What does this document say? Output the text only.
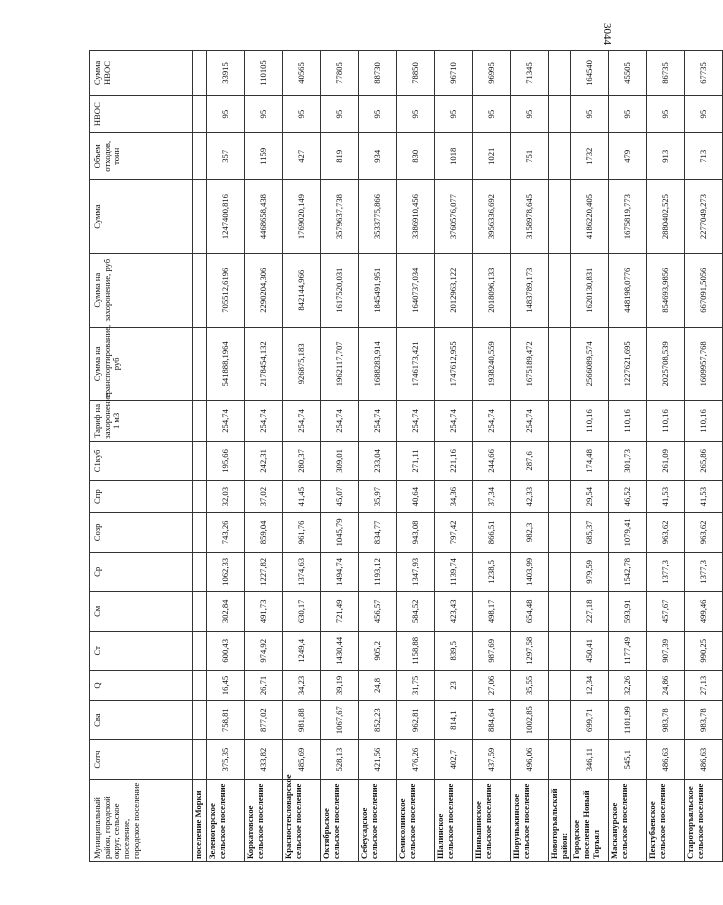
3044
Муниципальный район, городской округ, сельское поселение, городское поселение	Сотч	Сва	Q	Ст	См	Ср	Созр	Спр	С1куб	Тариф на захоронение 1 м3	Сумма на транспортирование, руб	Сумма на захоронение, руб	Сумма	Объем отходов, тонн	НВОС	Сумма НВОС
поселение Морки																
Зеленогорское сельское поселение	375,35	758,81	16,45	600,43	302,84	1062,33	743,26	32,03	195,66	254,74	541888,1964	705512,6196	1247400,816	357	95	33915
Коркатовское сельское поселение	433,82	877,02	26,71	974,92	491,73	1227,82	859,04	37,02	242,31	254,74	2178454,132	2290204,306	4468658,438	1159	95	110105
Красностекловарское сельское поселение	485,69	981,88	34,23	1249,4	630,17	1374,63	961,76	41,45	280,37	254,74	926875,183	842144,966	1769020,149	427	95	40565
Октябрьское сельское поселение	528,13	1067,67	39,19	1430,44	721,49	1494,74	1045,79	45,07	309,01	254,74	1962117,707	1617520,031	3579637,738	819	95	77805
Себеусадское сельское поселение	421,56	852,23	24,8	905,2	456,57	1193,12	834,77	35,97	233,04	254,74	1688283,914	1845491,951	3533775,866	934	95	88730
Семисолинское сельское поселение	476,26	962,81	31,75	1158,88	584,52	1347,93	943,08	40,64	271,11	254,74	1746173,421	1640737,034	3386910,456	830	95	78850
Шалинское сельское поселение	402,7	814,1	23	839,5	423,43	1139,74	797,42	34,36	221,16	254,74	1747612,955	2012963,122	3760576,077	1018	95	96710
Шиньшинское сельское поселение	437,59	884,64	27,06	987,69	498,17	1238,5	866,51	37,34	244,66	254,74	1938240,559	2018096,133	3956336,692	1021	95	96995
Шоруньжинское сельское поселение	496,06	1002,85	35,55	1297,58	654,48	1403,99	982,3	42,33	287,6	254,74	1675189,472	1483789,173	3158978,645	751	95	71345
Новоторъяльский район:																
Городское поселение Новый Торъял	346,11	699,71	12,34	450,41	227,18	979,59	685,37	29,54	174,48	110,16	2566089,574	1620130,831	4186220,405	1732	95	164540
Масканурское сельское поселение	545,1	1101,99	32,26	1177,49	593,91	1542,78	1079,41	46,52	301,73	110,16	1227621,695	448198,0776	1675819,773	479	95	45505
Пектубаевское сельское поселение	486,63	983,78	24,86	907,39	457,67	1377,3	963,62	41,53	261,09	110,16	2025708,539	854693,9856	2880402,525	913	95	86735
Староторъяльское сельское поселение	486,63	983,78	27,13	990,25	499,46	1377,3	963,62	41,53	265,86	110,16	1609957,768	667091,5056	2277049,273	713	95	67735
